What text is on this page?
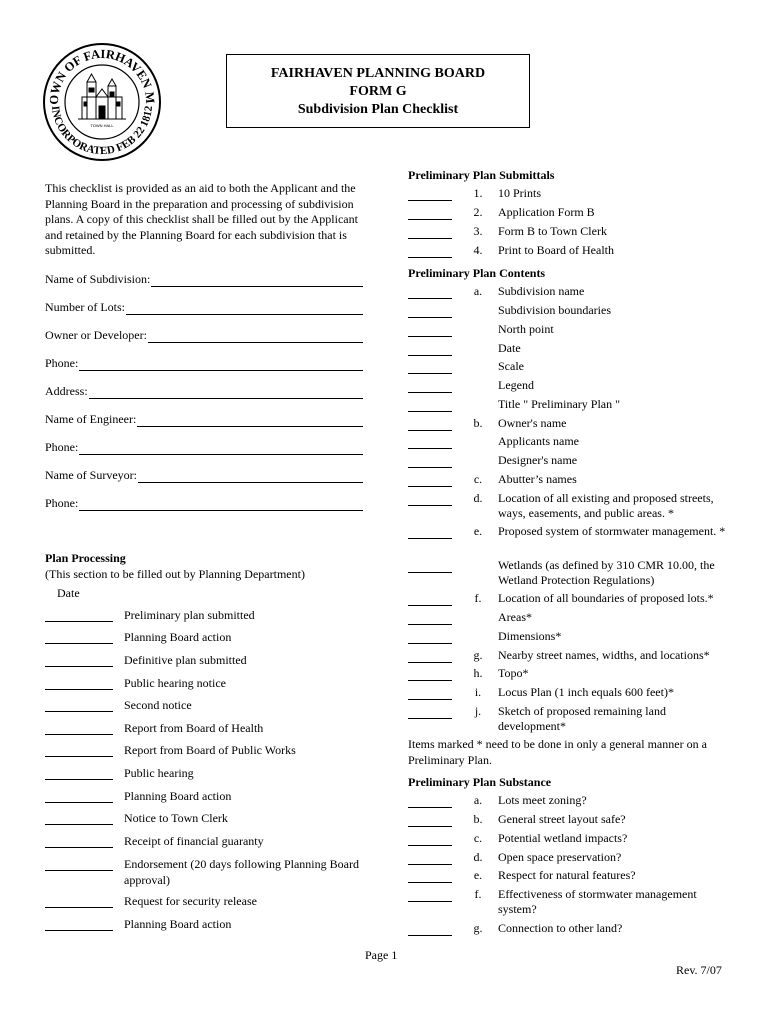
OWN OF FAIRHAVEN M
INCORPORATED FEB 22 1812
TOWN HALL
FAIRHAVEN PLANNING BOARD
FORM G
Subdivision Plan Checklist
This checklist is provided as an aid to both the Applicant and the Planning Board in the preparation and processing of subdivision plans. A copy of this checklist shall be filled out by the Applicant and retained by the Planning Board for each subdivision that is submitted.
Name of Subdivision:
Number of Lots:
Owner or Developer:
Phone:
Address:
Name of Engineer:
Phone:
Name of Surveyor:
Phone:
Plan Processing
(This section to be filled out by Planning Department)
Date
Preliminary plan submitted
Planning Board action
Definitive plan submitted
Public hearing notice
Second notice
Report from Board of Health
Report from Board of Public Works
Public hearing
Planning Board action
Notice to Town Clerk
Receipt of financial guaranty
Endorsement (20 days following Planning Board approval)
Request for security release
Planning Board action
Preliminary Plan Submittals
1. 10 Prints
2. Application Form B
3. Form B to Town Clerk
4. Print to Board of Health
Preliminary Plan Contents
a.	Subdivision name
Subdivision boundaries
North point
Date
Scale
Legend
Title " Preliminary Plan "
b. Owner's name
Applicants name
Designer's name
c.	Abutter’s names
d. Location of all existing and proposed streets, ways, easements, and public areas. *
e.	Proposed system of stormwater management. *
Wetlands (as defined by 310 CMR 10.00, the Wetland Protection Regulations)
f.	Location of all boundaries of proposed lots.*
Areas*
Dimensions*
g. Nearby street names, widths, and locations*
h. Topo*
i.	Locus Plan (1 inch equals 600 feet)*
j.	Sketch of proposed remaining land development*
Preliminary Plan Substance
a.	Lots meet zoning?
b. General street layout safe?
c.	Potential wetland impacts?
d. Open space preservation?
e.	Respect for natural features?
f.	Effectiveness of stormwater management system?
g. Connection to other land?
Items marked * need to be done in only a general manner on a Preliminary Plan.
Page 1
Rev. 7/07
